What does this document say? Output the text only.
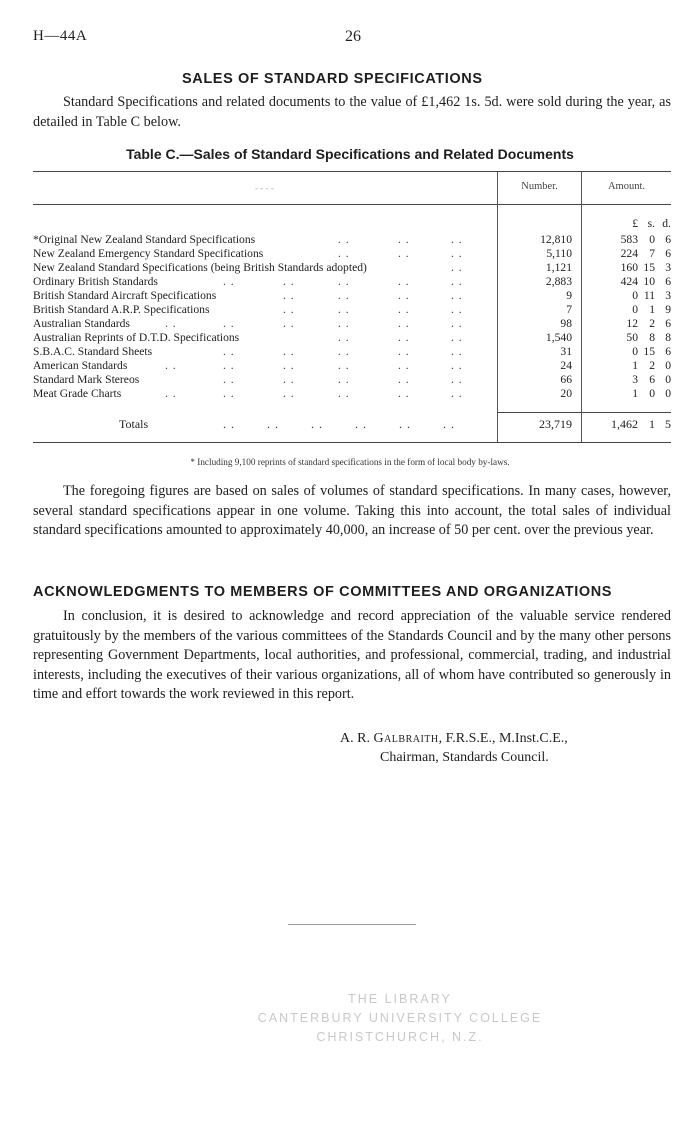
H—44A	26
SALES OF STANDARD SPECIFICATIONS
Standard Specifications and related documents to the value of £1,462 1s. 5d. were sold during the year, as detailed in Table C below.
Table C.—Sales of Standard Specifications and Related Documents
- - - -	Number.	Amount.
£ s. d.
*Original New Zealand Standard Specifications	. .	. .	. .	12,810	583 0 6
New Zealand Emergency Standard Specifications	. .	. .	. .	5,110	224 7 6
New Zealand Standard Specifications (being British Standards adopted)	. .	1,121	160 15 3
Ordinary British Standards	. .	. .	. .	. .	. .	2,883	424 10 6
British Standard Aircraft Specifications	. .	. .	. .	. .	9	0 11 3
British Standard A.R.P. Specifications	. .	. .	. .	. .	7	0 1 9
Australian Standards	. .	. .	. .	. .	. .	. .	98	12 2 6
Australian Reprints of D.T.D. Specifications	. .	. .	. .	1,540	50 8 8
S.B.A.C. Standard Sheets	. .	. .	. .	. .	. .	31	0 15 6
American Standards	. .	. .	. .	. .	. .	. .	24	1 2 0
Standard Mark Stereos	. .	. .	. .	. .	. .	66	3 6 0
Meat Grade Charts	. .	. .	. .	. .	. .	. .	20	1 0 0
Totals	. .        . .        . .        . .        . .        . .	23,719	1,462 1 5
* Including 9,100 reprints of standard specifications in the form of local body by-laws.
The foregoing figures are based on sales of volumes of standard specifications. In many cases, however, several standard specifications appear in one volume. Taking this into account, the total sales of individual standard specifications amounted to approximately 40,000, an increase of 50 per cent. over the previous year.
ACKNOWLEDGMENTS TO MEMBERS OF COMMITTEES AND ORGANIZATIONS
In conclusion, it is desired to acknowledge and record appreciation of the valuable service rendered gratuitously by the members of the various committees of the Standards Council and by the many other persons representing Government Departments, local authorities, and professional, commercial, trading, and industrial interests, including the executives of their various organizations, all of whom have contributed so generously in time and effort towards the work reviewed in this report.
A. R. Galbraith, F.R.S.E., M.Inst.C.E.,
Chairman, Standards Council.
THE LIBRARY
CANTERBURY UNIVERSITY COLLEGE
CHRISTCHURCH, N.Z.
